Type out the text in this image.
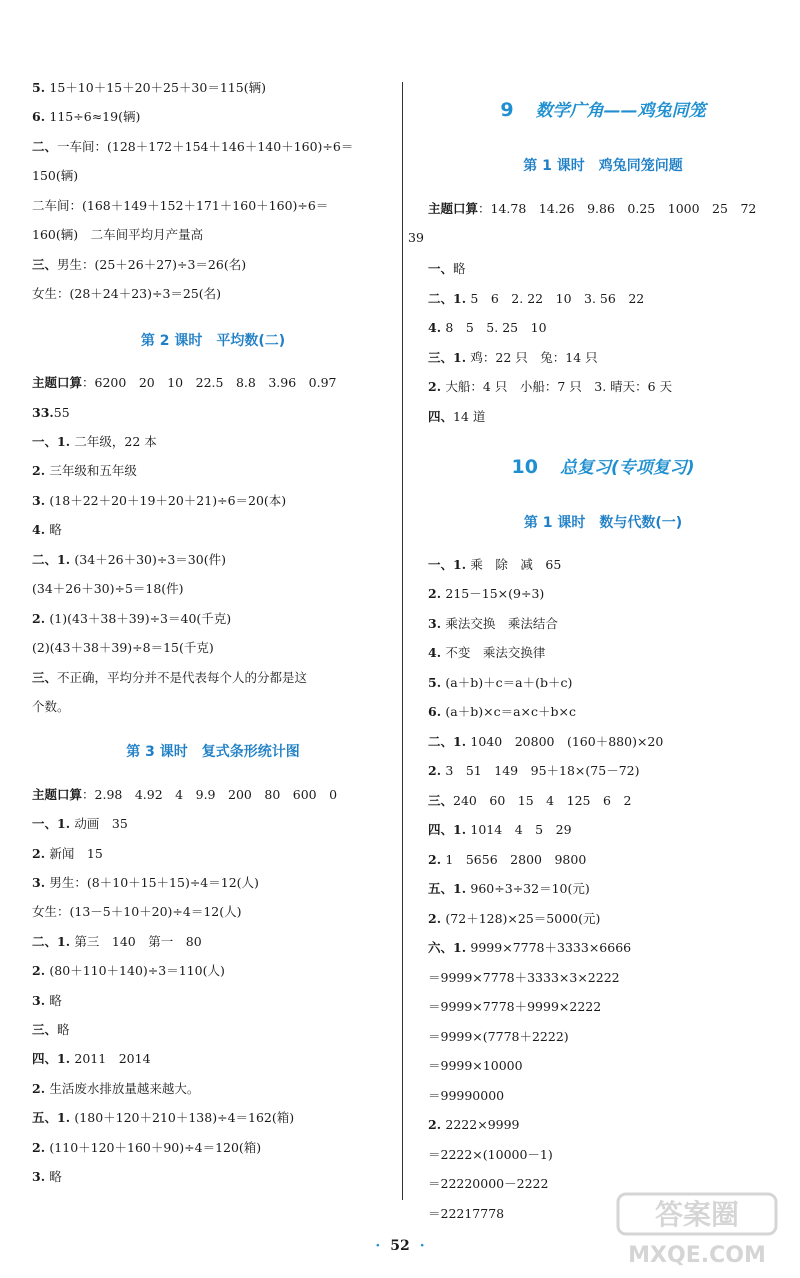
5. 15＋10＋15＋20＋25＋30＝115(辆)
6. 115÷6≈19(辆)
二、一车间：(128＋172＋154＋146＋140＋160)÷6＝
150(辆)
二车间：(168＋149＋152＋171＋160＋160)÷6＝
160(辆)　二车间平均月产量高
三、男生：(25＋26＋27)÷3＝26(名)
女生：(28＋24＋23)÷3＝25(名)
主题口算：6200　20　10　22.5　8.8　3.96　0.97
33.55
一、1. 二年级，22 本
2. 三年级和五年级
3. (18＋22＋20＋19＋20＋21)÷6＝20(本)
4. 略
二、1. (34＋26＋30)÷3＝30(件)
(34＋26＋30)÷5＝18(件)
2. (1)(43＋38＋39)÷3＝40(千克)
(2)(43＋38＋39)÷8＝15(千克)
三、不正确，平均分并不是代表每个人的分都是这
个数。
主题口算：2.98　4.92　4　9.9　200　80　600　0
一、1. 动画　35
2. 新闻　15
3. 男生：(8＋10＋15＋15)÷4＝12(人)
女生：(13－5＋10＋20)÷4＝12(人)
二、1. 第三　140　第一　80
2. (80＋110＋140)÷3＝110(人)
3. 略
三、略
四、1. 2011　2014
2. 生活废水排放量越来越大。
五、1. (180＋120＋210＋138)÷4＝162(箱)
2. (110＋120＋160＋90)÷4＝120(箱)
3. 略
第 2 课时　平均数(二)
第 3 课时　复式条形统计图
9 数学广角——鸡兔同笼
10 总复习(专项复习)
第 1 课时　鸡兔同笼问题
第 1 课时　数与代数(一)
主题口算：14.78　14.26　9.86　0.25　1000　25　72
39
一、略
二、1. 5　6　2. 22　10　3. 56　22
4. 8　5　5. 25　10
三、1. 鸡：22 只　兔：14 只
2. 大船：4 只　小船：7 只　3. 晴天：6 天
四、14 道
一、1. 乘　除　减　65
2. 215－15×(9÷3)
3. 乘法交换　乘法结合
4. 不变　乘法交换律
5. (a＋b)＋c＝a＋(b＋c)
6. (a＋b)×c＝a×c＋b×c
二、1. 1040　20800　(160＋880)×20
2. 3　51　149　95＋18×(75－72)
三、240　60　15　4　125　6　2
四、1. 1014　4　5　29
2. 1　5656　2800　9800
五、1. 960÷3÷32＝10(元)
2. (72＋128)×25＝5000(元)
六、1. 9999×7778＋3333×6666
＝9999×7778＋3333×3×2222
＝9999×7778＋9999×2222
＝9999×(7778＋2222)
＝9999×10000
＝99990000
2. 2222×9999
＝2222×(10000－1)
＝22220000－2222
＝22217778
· 52 ·
答案圈
MXQE.COM
